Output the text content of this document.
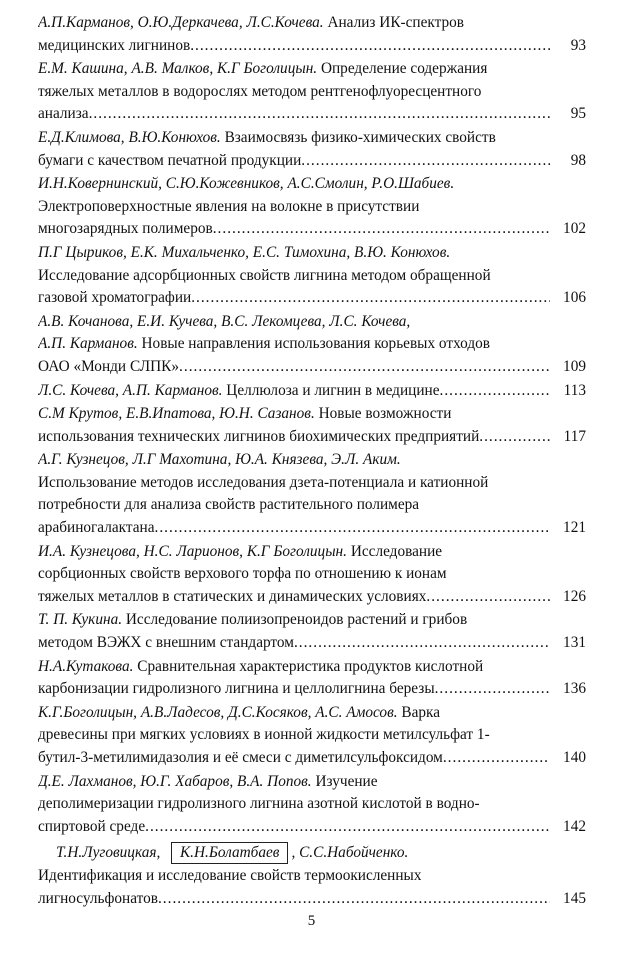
А.П.Карманов, О.Ю.Деркачева, Л.С.Кочева. Анализ ИК-спектров
медицинских лигнинов .....	93
Е.М. Кашина, А.В. Малков, К.Г Боголицын. Определение содержания
тяжелых металлов в водорослях методом рентгенофлуоресцентного
анализа .....	95
Е.Д.Климова, В.Ю.Конюхов. Взаимосвязь физико-химических свойств
бумаги с качеством печатной продукции .....	98
И.Н.Ковернинский, С.Ю.Кожевников, А.С.Смолин, Р.О.Шабиев.
Электроповерхностные явления на волокне в присутствии
многозарядных полимеров .....	102
П.Г Цыриков, Е.К. Михальченко, Е.С. Тимохина, В.Ю. Конюхов.
Исследование адсорбционных свойств лигнина методом обращенной
газовой хроматографии .....	106
А.В. Кочанова, Е.И. Кучева, В.С. Лекомцева, Л.С. Кочева,
А.П. Карманов. Новые направления использования корьевых отходов
ОАО «Монди СЛПК» .....	109
Л.С. Кочева, А.П. Карманов. Целлюлоза и лигнин в медицине .....	113
С.М Крутов, Е.В.Ипатова, Ю.Н. Сазанов. Новые возможности
использования технических лигнинов биохимических предприятий .....	117
А.Г. Кузнецов, Л.Г Махотина, Ю.А. Князева, Э.Л. Аким.
Использование методов исследования дзета-потенциала и катионной
потребности для анализа свойств растительного полимера
арабиногалактана .....	121
И.А. Кузнецова, Н.С. Ларионов, К.Г Боголицын. Исследование
сорбционных свойств верхового торфа по отношению к ионам
тяжелых металлов в статических и динамических условиях .....	126
Т. П. Кукина. Исследование полиизопреноидов растений и грибов
методом ВЭЖХ с внешним стандартом .....	131
Н.А.Кутакова. Сравнительная характеристика продуктов кислотной
карбонизации гидролизного лигнина и целлолигнина березы .....	136
К.Г.Боголицын, А.В.Ладесов, Д.С.Косяков, А.С. Амосов. Варка
древесины при мягких условиях в ионной жидкости метилсульфат 1-
бутил-3-метилимидазолия и её смеси с диметилсульфоксидом .....	140
Д.Е. Лахманов, Ю.Г. Хабаров, В.А. Попов. Изучение
деполимеризации гидролизного лигнина азотной кислотой в водно-
спиртовой среде .....	142
Т.Н.Луговицкая, К.Н.Болатбаев , С.С.Набойченко.
Идентификация и исследование свойств термоокисленных
лигносульфонатов .....	145
5
